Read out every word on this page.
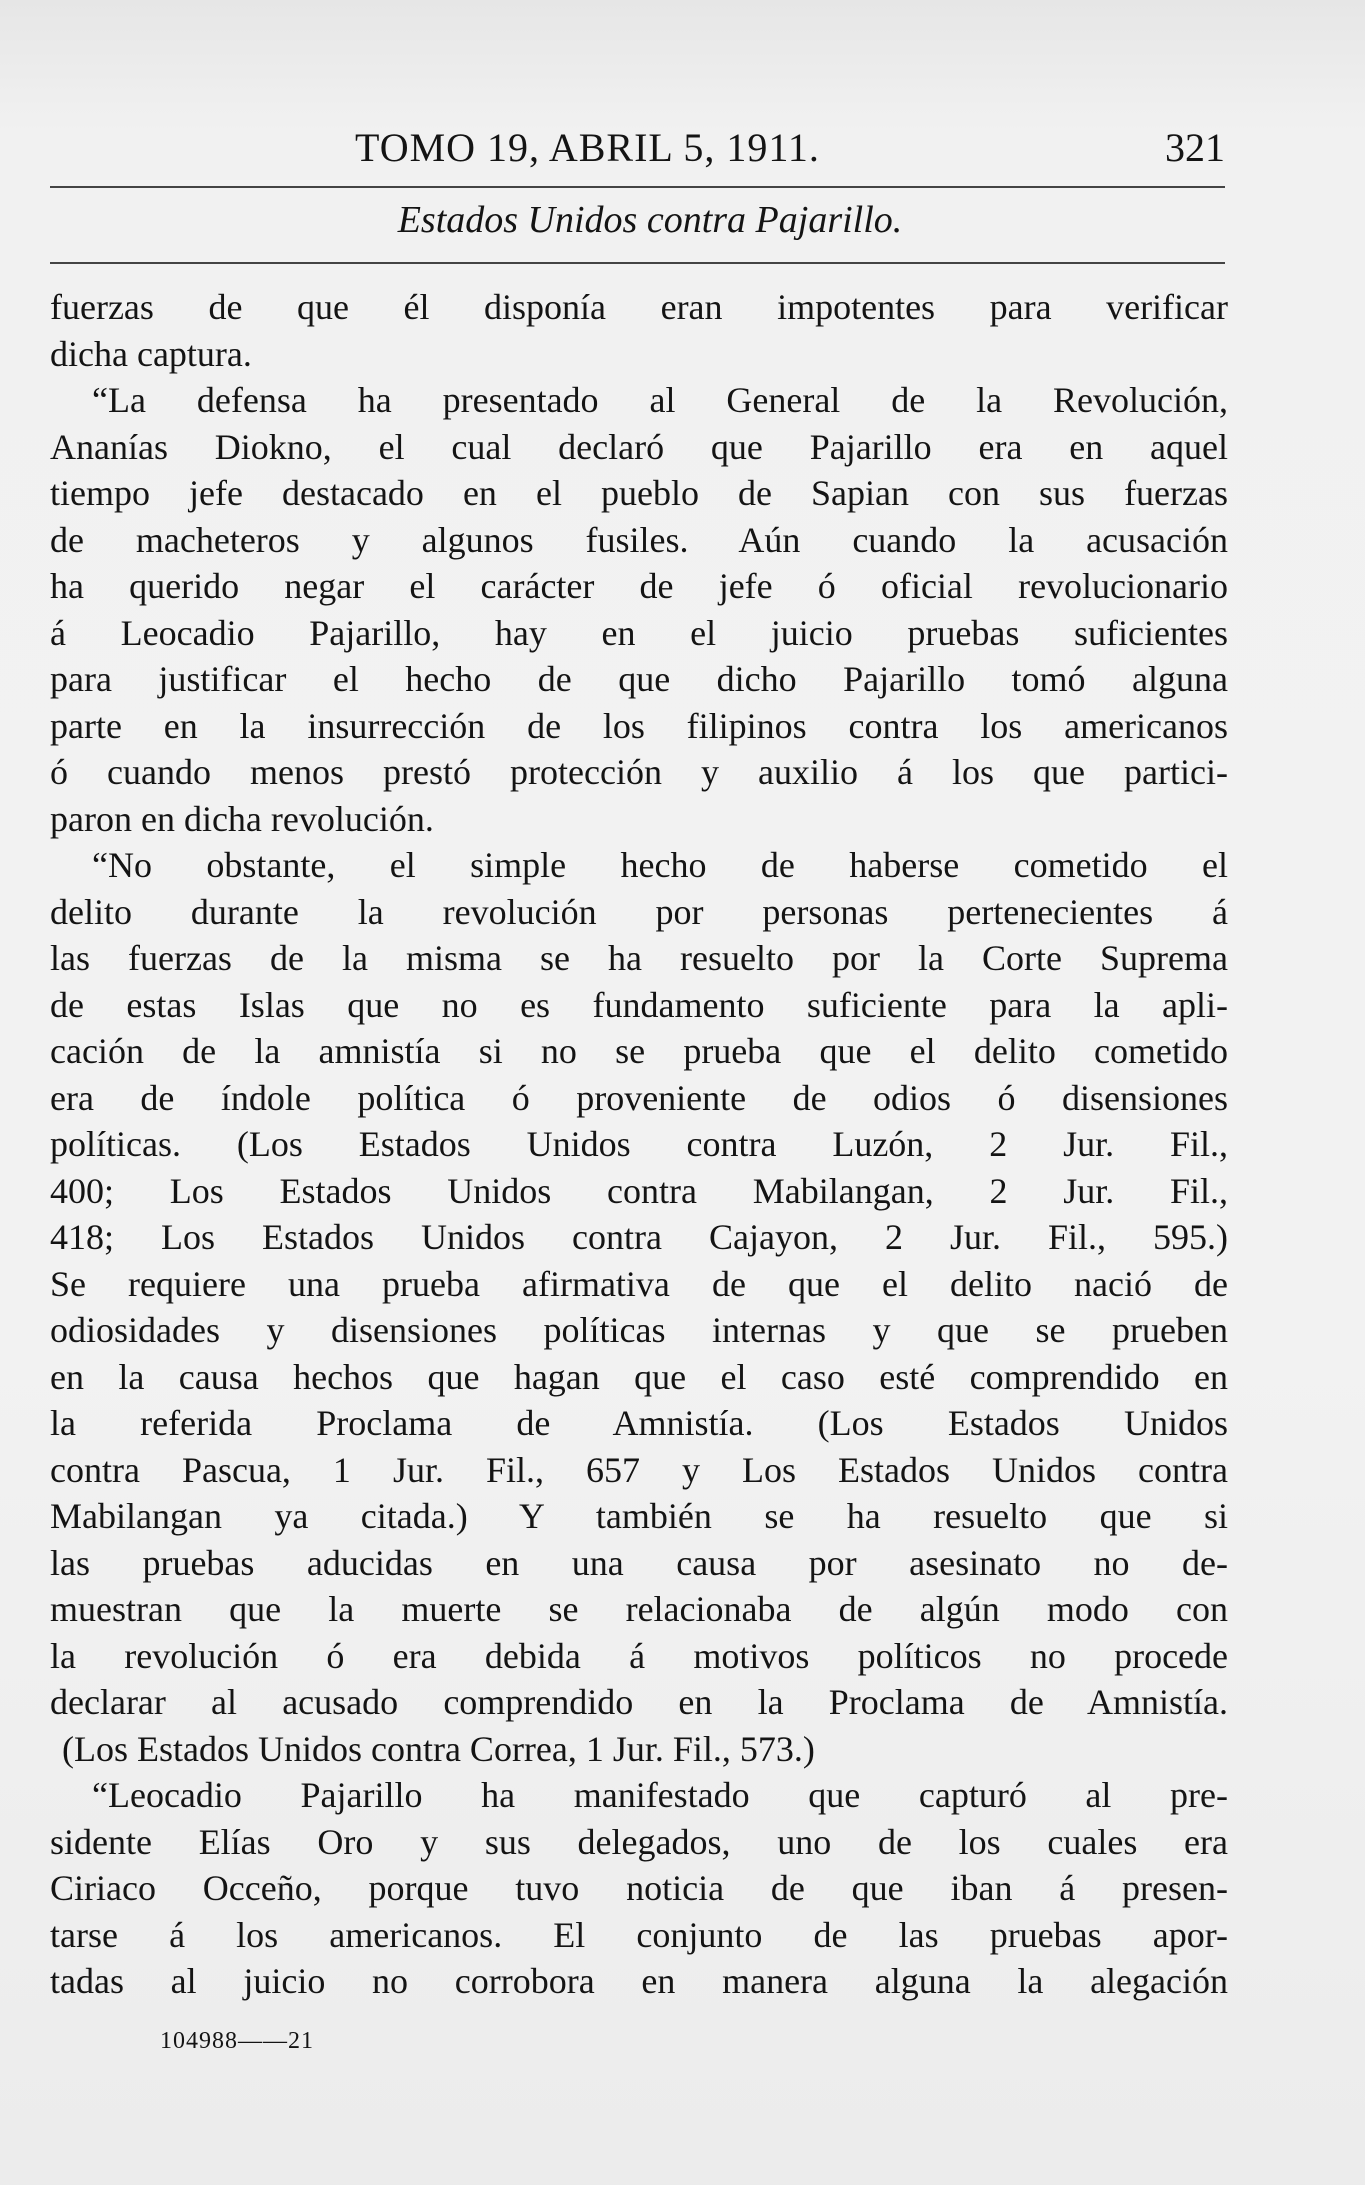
TOMO 19, ABRIL 5, 1911.	321
Estados Unidos contra Pajarillo.
fuerzas de que él disponía eran impotentes para verificar
dicha captura.
“La defensa ha presentado al General de la Revolución,
Ananías Diokno, el cual declaró que Pajarillo era en aquel
tiempo jefe destacado en el pueblo de Sapian con sus fuerzas
de macheteros y algunos fusiles. Aún cuando la acusación
ha querido negar el carácter de jefe ó oficial revolucionario
á Leocadio Pajarillo, hay en el juicio pruebas suficientes
para justificar el hecho de que dicho Pajarillo tomó alguna
parte en la insurrección de los filipinos contra los americanos
ó cuando menos prestó protección y auxilio á los que partici-
paron en dicha revolución.
“No obstante, el simple hecho de haberse cometido el
delito durante la revolución por personas pertenecientes á
las fuerzas de la misma se ha resuelto por la Corte Suprema
de estas Islas que no es fundamento suficiente para la apli-
cación de la amnistía si no se prueba que el delito cometido
era de índole política ó proveniente de odios ó disensiones
políticas. (Los Estados Unidos contra Luzón, 2 Jur. Fil.,
400; Los Estados Unidos contra Mabilangan, 2 Jur. Fil.,
418; Los Estados Unidos contra Cajayon, 2 Jur. Fil., 595.)
Se requiere una prueba afirmativa de que el delito nació de
odiosidades y disensiones políticas internas y que se prueben
en la causa hechos que hagan que el caso esté comprendido en
la referida Proclama de Amnistía. (Los Estados Unidos
contra Pascua, 1 Jur. Fil., 657 y Los Estados Unidos contra
Mabilangan ya citada.) Y también se ha resuelto que si
las pruebas aducidas en una causa por asesinato no de-
muestran que la muerte se relacionaba de algún modo con
la revolución ó era debida á motivos políticos no procede
declarar al acusado comprendido en la Proclama de Amnistía.
(Los Estados Unidos contra Correa, 1 Jur. Fil., 573.)
“Leocadio Pajarillo ha manifestado que capturó al pre-
sidente Elías Oro y sus delegados, uno de los cuales era
Ciriaco Occeño, porque tuvo noticia de que iban á presen-
tarse á los americanos. El conjunto de las pruebas apor-
tadas al juicio no corrobora en manera alguna la alegación
104988——21
